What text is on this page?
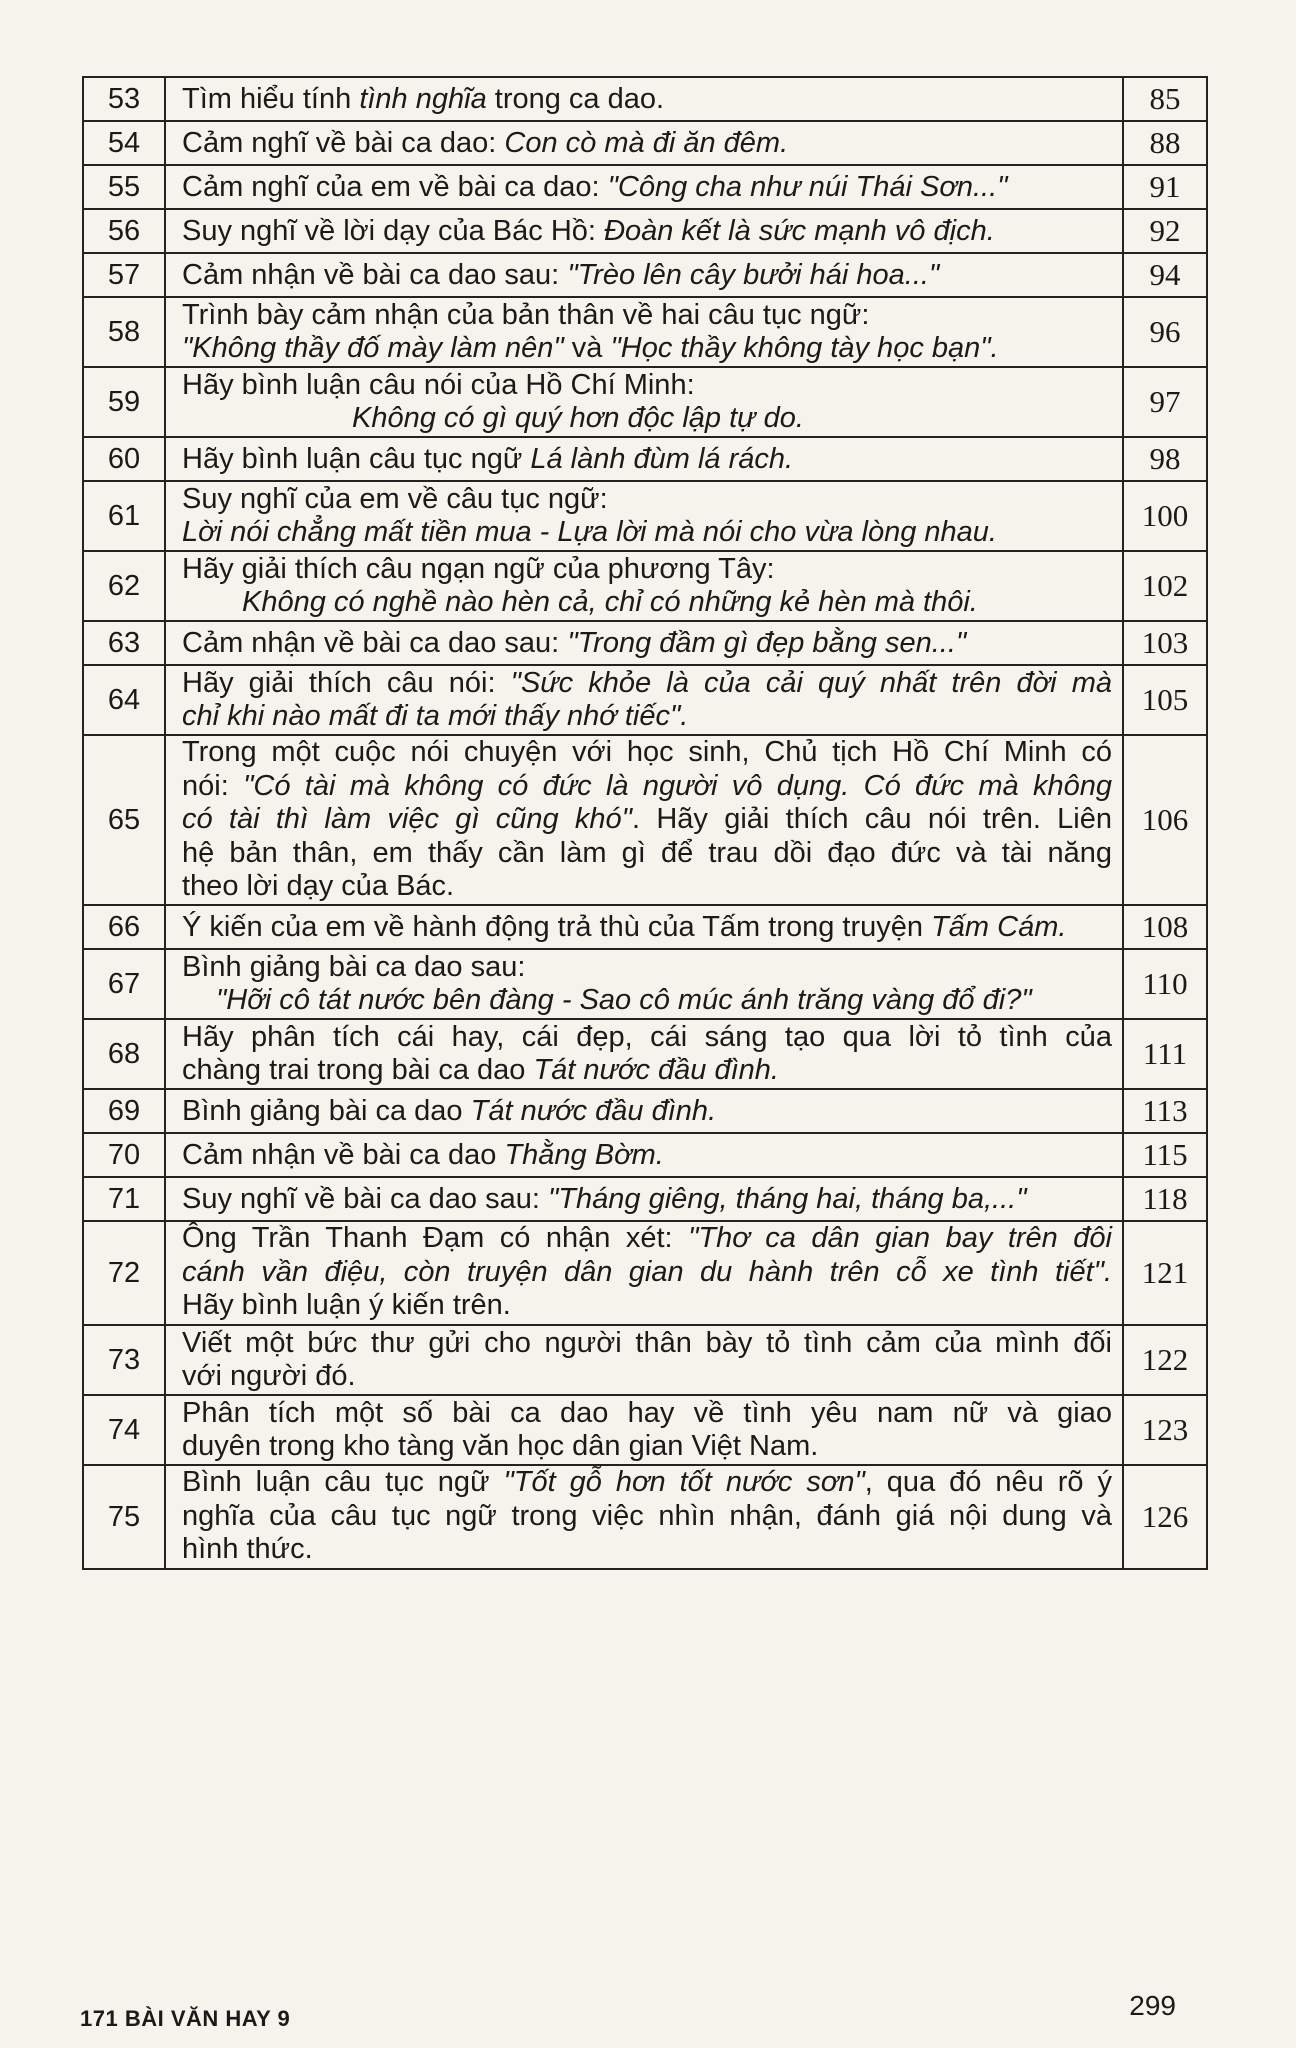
53	Tìm hiểu tính tình nghĩa trong ca dao.	85
54	Cảm nghĩ về bài ca dao: Con cò mà đi ăn đêm.	88
55	Cảm nghĩ của em về bài ca dao: "Công cha như núi Thái Sơn..."	91
56	Suy nghĩ về lời dạy của Bác Hồ: Đoàn kết là sức mạnh vô địch.	92
57	Cảm nhận về bài ca dao sau: "Trèo lên cây bưởi hái hoa..."	94
58	Trình bày cảm nhận của bản thân về hai câu tục ngữ:
"Không thầy đố mày làm nên" và "Học thầy không tày học bạn".	96
59	Hãy bình luận câu nói của Hồ Chí Minh:
Không có gì quý hơn độc lập tự do.	97
60	Hãy bình luận câu tục ngữ Lá lành đùm lá rách.	98
61	Suy nghĩ của em về câu tục ngữ:
Lời nói chẳng mất tiền mua - Lựa lời mà nói cho vừa lòng nhau.	100
62	Hãy giải thích câu ngạn ngữ của phương Tây:
Không có nghề nào hèn cả, chỉ có những kẻ hèn mà thôi.	102
63	Cảm nhận về bài ca dao sau: "Trong đầm gì đẹp bằng sen..."	103
64	Hãy giải thích câu nói: "Sức khỏe là của cải quý nhất trên đời mà
chỉ khi nào mất đi ta mới thấy nhớ tiếc".	105
65	Trong một cuộc nói chuyện với học sinh, Chủ tịch Hồ Chí Minh có
nói: "Có tài mà không có đức là người vô dụng. Có đức mà không
có tài thì làm việc gì cũng khó". Hãy giải thích câu nói trên. Liên
hệ bản thân, em thấy cần làm gì để trau dồi đạo đức và tài năng
theo lời dạy của Bác.	106
66	Ý kiến của em về hành động trả thù của Tấm trong truyện Tấm Cám.	108
67	Bình giảng bài ca dao sau:
"Hỡi cô tát nước bên đàng - Sao cô múc ánh trăng vàng đổ đi?"	110
68	Hãy phân tích cái hay, cái đẹp, cái sáng tạo qua lời tỏ tình của
chàng trai trong bài ca dao Tát nước đầu đình.	111
69	Bình giảng bài ca dao Tát nước đầu đình.	113
70	Cảm nhận về bài ca dao Thằng Bờm.	115
71	Suy nghĩ về bài ca dao sau: "Tháng giêng, tháng hai, tháng ba,..."	118
72	Ông Trần Thanh Đạm có nhận xét: "Thơ ca dân gian bay trên đôi
cánh vần điệu, còn truyện dân gian du hành trên cỗ xe tình tiết".
Hãy bình luận ý kiến trên.	121
73	Viết một bức thư gửi cho người thân bày tỏ tình cảm của mình đối
với người đó.	122
74	Phân tích một số bài ca dao hay về tình yêu nam nữ và giao
duyên trong kho tàng văn học dân gian Việt Nam.	123
75	Bình luận câu tục ngữ "Tốt gỗ hơn tốt nước sơn", qua đó nêu rõ ý
nghĩa của câu tục ngữ trong việc nhìn nhận, đánh giá nội dung và
hình thức.	126
171 BÀI VĂN HAY 9	299
